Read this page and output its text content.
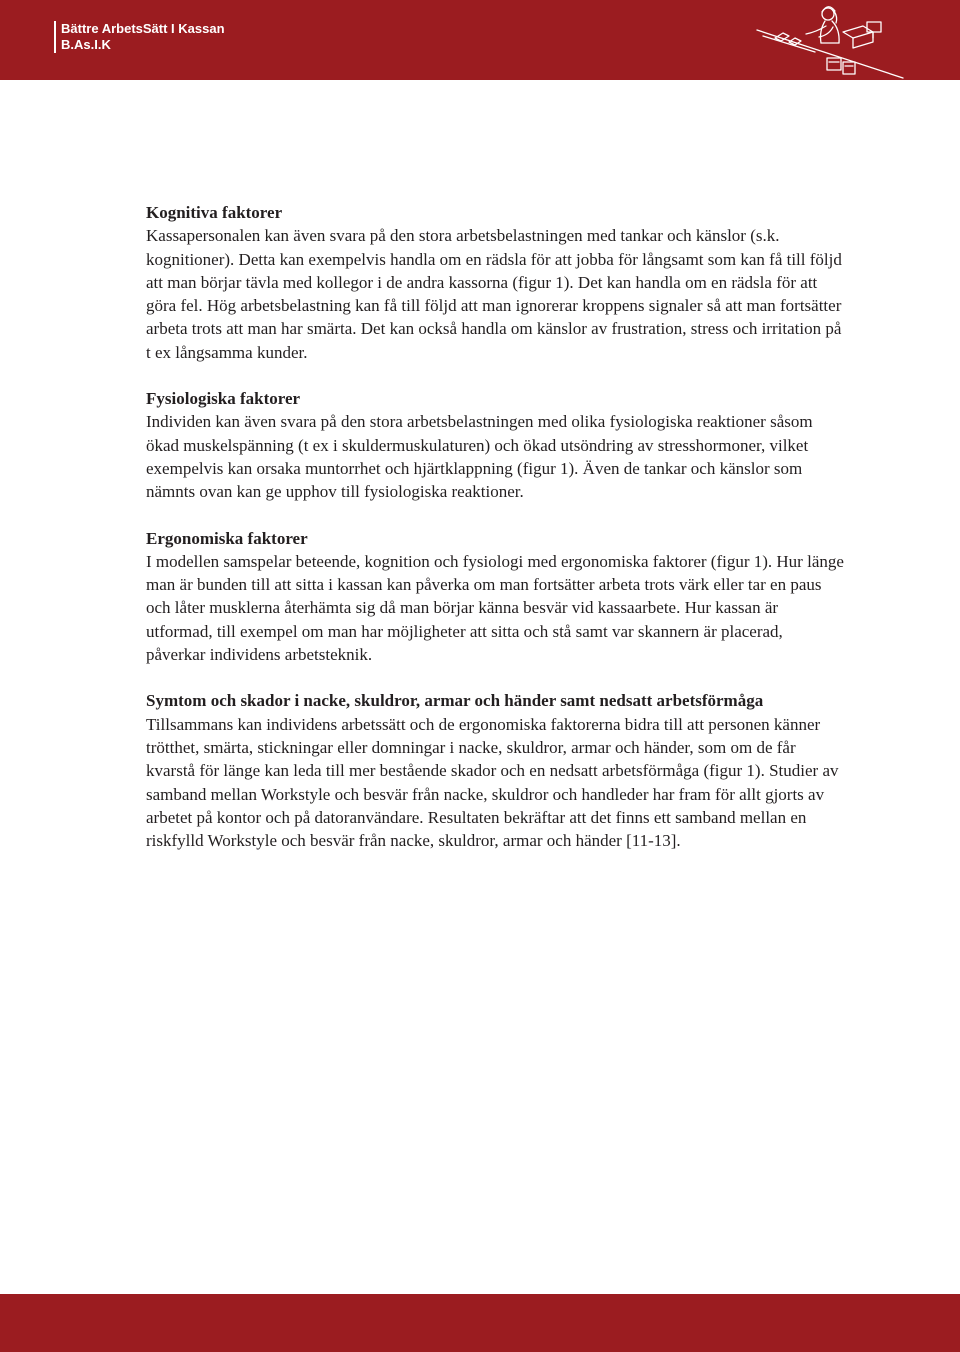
Bättre ArbetsSätt I Kassan
B.As.I.K
Kognitiva faktorer

Kassapersonalen kan även svara på den stora arbetsbelastningen med tankar och känslor (s.k. kognitioner). Detta kan exempelvis handla om en rädsla för att jobba för långsamt som kan få till följd att man börjar tävla med kollegor i de andra kassorna (figur 1). Det kan handla om en rädsla för att göra fel. Hög arbetsbelastning kan få till följd att man ignorerar kroppens signaler så att man fortsätter arbeta trots att man har smärta. Det kan också handla om känslor av frustration, stress och irritation på t ex långsamma kunder.

Fysiologiska faktorer

Individen kan även svara på den stora arbetsbelastningen med olika fysiologiska reaktioner såsom ökad muskelspänning (t ex i skuldermuskulaturen) och ökad utsöndring av stresshormoner, vilket exempelvis kan orsaka muntorrhet och hjärtklappning (figur 1). Även de tankar och känslor som nämnts ovan kan ge upphov till fysiologiska reaktioner.

Ergonomiska faktorer

I modellen samspelar beteende, kognition och fysiologi med ergonomiska faktorer (figur 1). Hur länge man är bunden till att sitta i kassan kan påverka om man fortsätter arbeta trots värk eller tar en paus och låter musklerna återhämta sig då man börjar känna besvär vid kassaarbete. Hur kassan är utformad, till exempel om man har möjligheter att sitta och stå samt var skannern är placerad, påverkar individens arbetsteknik.

Symtom och skador i nacke, skuldror, armar och händer samt nedsatt arbetsförmåga

Tillsammans kan individens arbetssätt och de ergonomiska faktorerna bidra till att personen känner trötthet, smärta, stickningar eller domningar i nacke, skuldror, armar och händer, som om de får kvarstå för länge kan leda till mer bestående skador och en nedsatt arbetsförmåga (figur 1). Studier av samband mellan Workstyle och besvär från nacke, skuldror och handleder har fram för allt gjorts av arbetet på kontor och på datoranvändare. Resultaten bekräftar att det finns ett samband mellan en riskfylld Workstyle och besvär från nacke, skuldror, armar och händer [11-13].
